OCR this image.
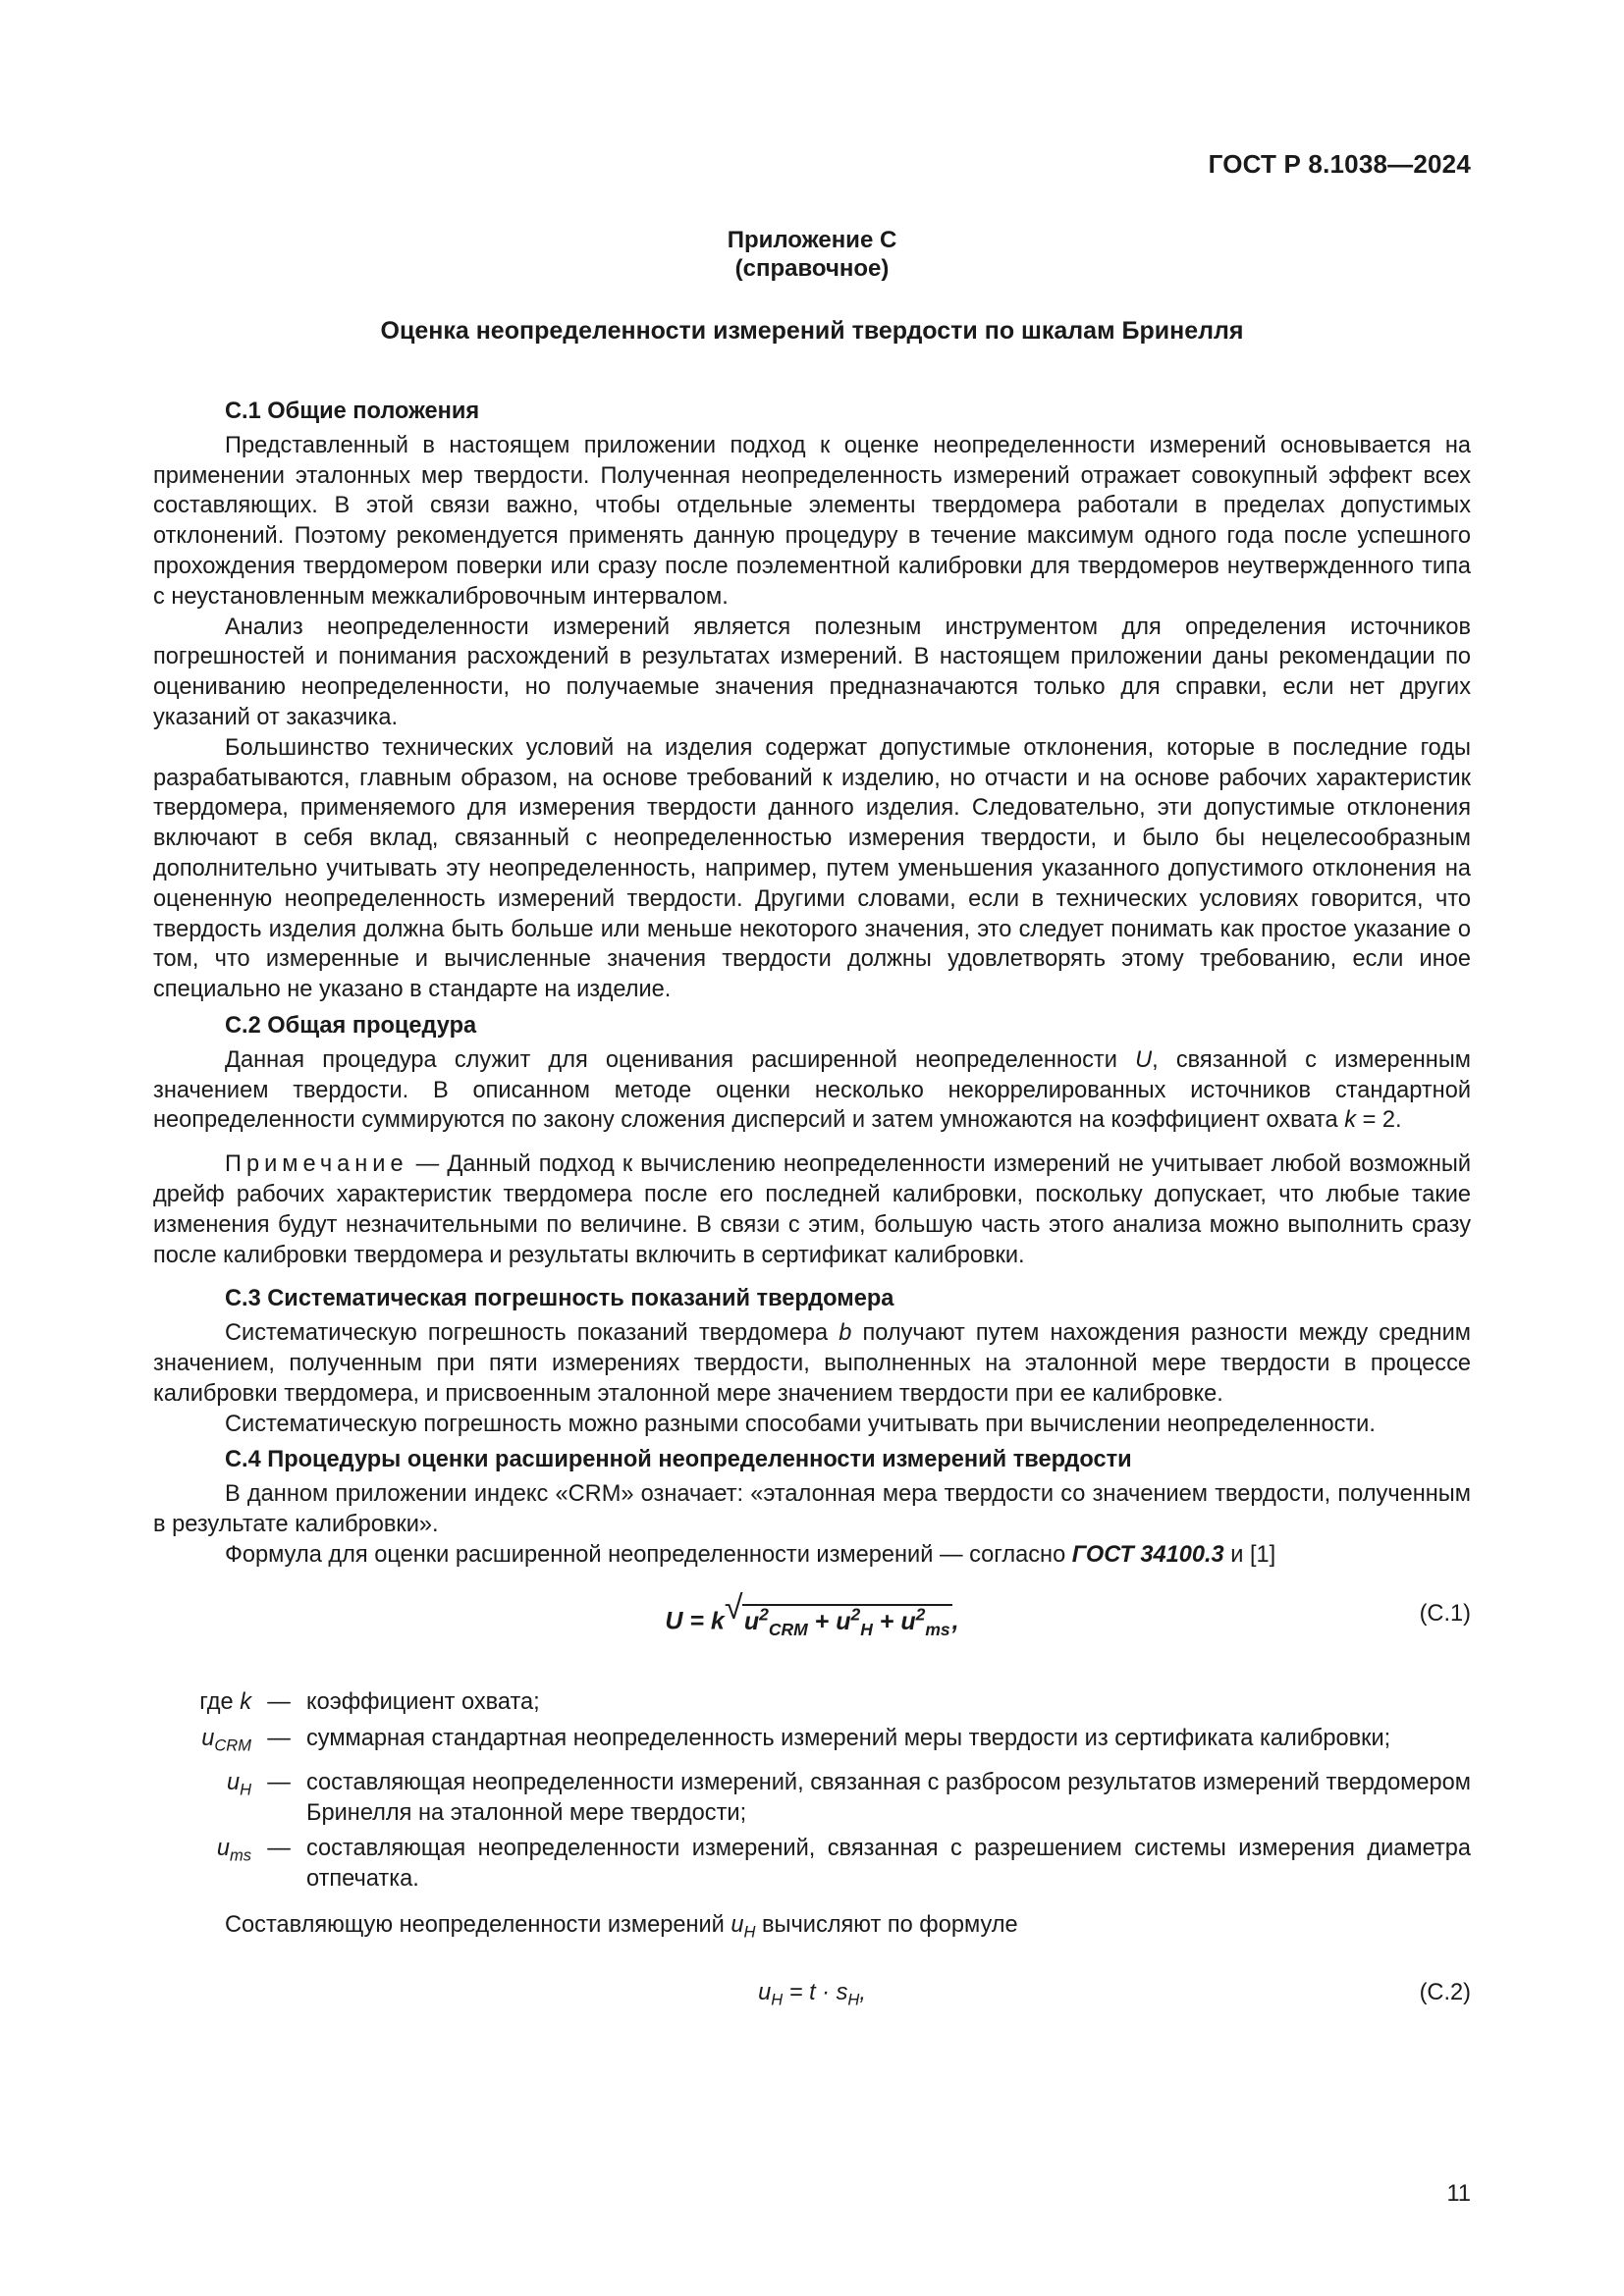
ГОСТ Р 8.1038—2024
Приложение С
(справочное)
Оценка неопределенности измерений твердости по шкалам Бринелля
С.1 Общие положения

Представленный в настоящем приложении подход к оценке неопределенности измерений основывается на применении эталонных мер твердости. Полученная неопределенность измерений отражает совокупный эффект всех составляющих. В этой связи важно, чтобы отдельные элементы твердомера работали в пределах допустимых отклонений. Поэтому рекомендуется применять данную процедуру в течение максимум одного года после успешного прохождения твердомером поверки или сразу после поэлементной калибровки для твердомеров неутвержденного типа с неустановленным межкалибровочным интервалом.

Анализ неопределенности измерений является полезным инструментом для определения источников погрешностей и понимания расхождений в результатах измерений. В настоящем приложении даны рекомендации по оцениванию неопределенности, но получаемые значения предназначаются только для справки, если нет других указаний от заказчика.

Большинство технических условий на изделия содержат допустимые отклонения, которые в последние годы разрабатываются, главным образом, на основе требований к изделию, но отчасти и на основе рабочих характеристик твердомера, применяемого для измерения твердости данного изделия. Следовательно, эти допустимые отклонения включают в себя вклад, связанный с неопределенностью измерения твердости, и было бы нецелесообразным дополнительно учитывать эту неопределенность, например, путем уменьшения указанного допустимого отклонения на оцененную неопределенность измерений твердости. Другими словами, если в технических условиях говорится, что твердость изделия должна быть больше или меньше некоторого значения, это следует понимать как простое указание о том, что измеренные и вычисленные значения твердости должны удовлетворять этому требованию, если иное специально не указано в стандарте на изделие.

С.2 Общая процедура

Данная процедура служит для оценивания расширенной неопределенности U, связанной с измеренным значением твердости. В описанном методе оценки несколько некоррелированных источников стандартной неопределенности суммируются по закону сложения дисперсий и затем умножаются на коэффициент охвата k = 2.

Примечание — Данный подход к вычислению неопределенности измерений не учитывает любой возможный дрейф рабочих характеристик твердомера после его последней калибровки, поскольку допускает, что любые такие изменения будут незначительными по величине. В связи с этим, большую часть этого анализа можно выполнить сразу после калибровки твердомера и результаты включить в сертификат калибровки.

С.3 Систематическая погрешность показаний твердомера

Систематическую погрешность показаний твердомера b получают путем нахождения разности между средним значением, полученным при пяти измерениях твердости, выполненных на эталонной мере твердости в процессе калибровки твердомера, и присвоенным эталонной мере значением твердости при ее калибровке.

Систематическую погрешность можно разными способами учитывать при вычислении неопределенности.

С.4 Процедуры оценки расширенной неопределенности измерений твердости

В данном приложении индекс «CRM» означает: «эталонная мера твердости со значением твердости, полученным в результате калибровки».

Формула для оценки расширенной неопределенности измерений — согласно ГОСТ 34100.3 и [1]

U = k √ $u^2_{CRM} + u^2_H + u^2_{ms}$,	(С.1)
где k — коэффициент охвата;
$u_{CRM}$ — суммарная стандартная неопределенность измерений меры твердости из сертификата калибровки;
$u_H$ — составляющая неопределенности измерений, связанная с разбросом результатов измерений твердомером Бринелля на эталонной мере твердости;
$u_{ms}$ — составляющая неопределенности измерений, связанная с разрешением системы измерения диаметра отпечатка.

Составляющую неопределенности измерений $u_H$ вычисляют по формуле

$u_H = t \cdot s_H$,	(С.2)
11
